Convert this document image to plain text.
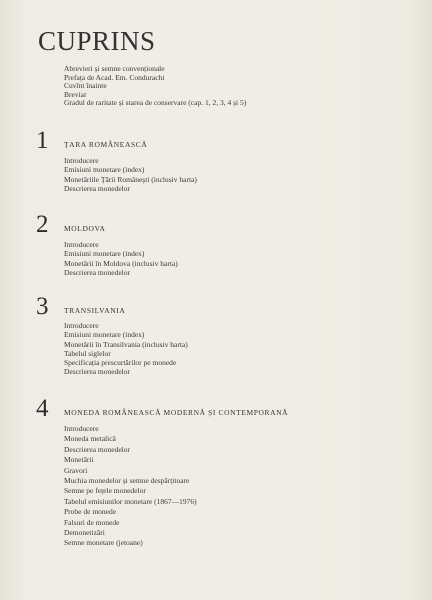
CUPRINS
Abrevieri și semne convenționale
Prefața de Acad. Em. Condurachi
Cuvînt înainte
Breviar
Gradul de raritate și starea de conservare (cap. 1, 2, 3, 4 și 5)
1 ȚARA ROMÂNEASCĂ
Introducere
Emisiuni monetare (index)
Monetăriile Țării Românești (inclusiv harta)
Descrierea monedelor
2 MOLDOVA
Introducere
Emisiuni monetare (index)
Monetării în Moldova (inclusiv harta)
Descrierea monedelor
3 TRANSILVANIA
Introducere
Emisiuni monetare (index)
Monetării în Transilvania (inclusiv harta)
Tabelul siglelor
Specificația prescurtărilor pe monede
Descrierea monedelor
4 MONEDA ROMÂNEASCĂ MODERNĂ ȘI CONTEMPORANĂ
Introducere
Moneda metalică
Descrierea monedelor
Monetării
Gravori
Muchia monedelor și semne despărțitoare
Semne pe fețele monedelor
Tabelul emisiunilor monetare (1867—1976)
Probe de monede
Falsuri de monede
Demonetizări
Semne monetare (jetoane)
